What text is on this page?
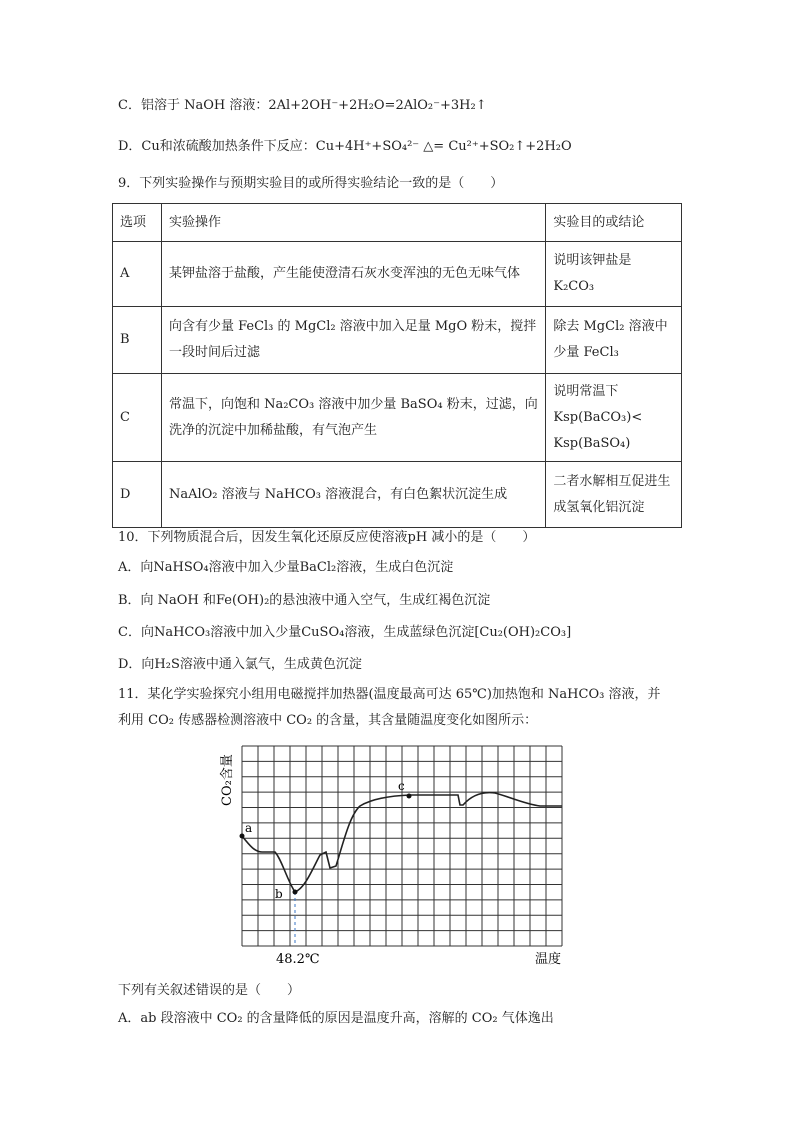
C．铝溶于 NaOH 溶液：2Al+2OH⁻+2H₂O=2AlO₂⁻+3H₂↑
D．Cu和浓硫酸加热条件下反应：Cu+4H⁺+SO₄²⁻ △= Cu²⁺+SO₂↑+2H₂O
9．下列实验操作与预期实验目的或所得实验结论一致的是（　　）
选项	实验操作	实验目的或结论
A	某钾盐溶于盐酸，产生能使澄清石灰水变浑浊的无色无味气体	说明该钾盐是 K₂CO₃
B	向含有少量 FeCl₃ 的 MgCl₂ 溶液中加入足量 MgO 粉末，搅拌一段时间后过滤	除去 MgCl₂ 溶液中少量 FeCl₃
C	常温下，向饱和 Na₂CO₃ 溶液中加少量 BaSO₄ 粉末，过滤，向洗净的沉淀中加稀盐酸，有气泡产生	说明常温下 Ksp(BaCO₃)< Ksp(BaSO₄)
D	NaAlO₂ 溶液与 NaHCO₃ 溶液混合，有白色絮状沉淀生成	二者水解相互促进生成氢氧化铝沉淀
10．下列物质混合后，因发生氧化还原反应使溶液pH 减小的是（　　）
A．向NaHSO₄溶液中加入少量BaCl₂溶液，生成白色沉淀
B．向 NaOH 和Fe(OH)₂的悬浊液中通入空气，生成红褐色沉淀
C．向NaHCO₃溶液中加入少量CuSO₄溶液，生成蓝绿色沉淀[Cu₂(OH)₂CO₃]
D．向H₂S溶液中通入氯气，生成黄色沉淀
11．某化学实验探究小组用电磁搅拌加热器(温度最高可达 65℃)加热饱和 NaHCO₃ 溶液，并
利用 CO₂ 传感器检测溶液中 CO₂ 的含量，其含量随温度变化如图所示：
a
b
c
CO₂含量
48.2℃	温度
下列有关叙述错误的是（　　）
A．ab 段溶液中 CO₂ 的含量降低的原因是温度升高，溶解的 CO₂ 气体逸出
